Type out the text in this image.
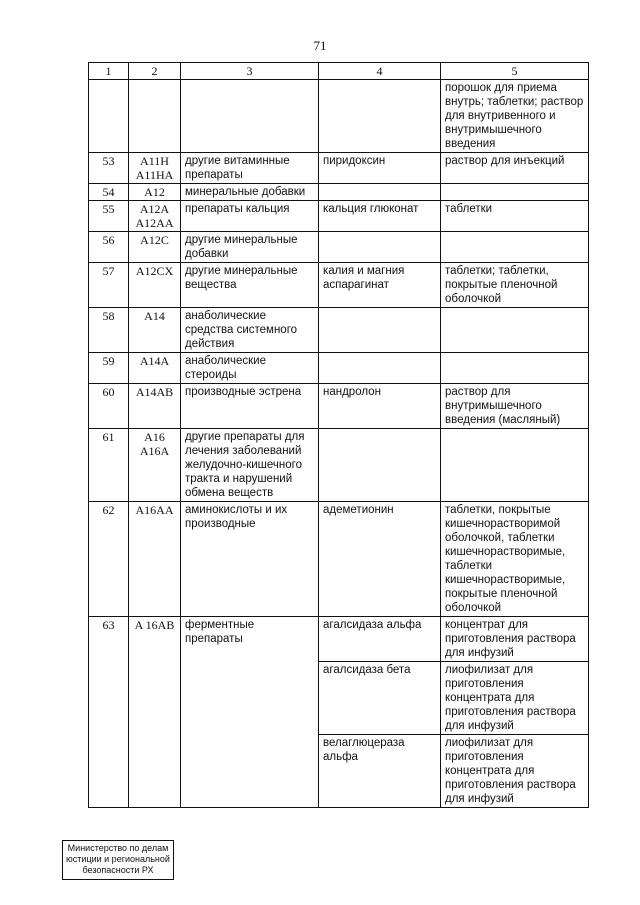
71
1	2	3	4	5
				порошок для приема внутрь; таблетки; раствор для внутривенного и внутримышечного введения
53	A11H A11HA	другие витаминные препараты	пиридоксин	раствор для инъекций
54	A12	минеральные добавки		
55	A12A A12AA	препараты кальция	кальция глюконат	таблетки
56	A12C	другие минеральные добавки		
57	A12CX	другие минеральные вещества	калия и магния аспарагинат	таблетки; таблетки, покрытые пленочной оболочкой
58	A14	анаболические средства системного действия		
59	A14A	анаболические стероиды		
60	A14AB	производные эстрена	нандролон	раствор для внутримышечного введения (масляный)
61	A16 A16A	другие препараты для лечения заболеваний желудочно-кишечного тракта и нарушений обмена веществ		
62	A16AA	аминокислоты и их производные	адеметионин	таблетки, покрытые кишечнорастворимой оболочкой, таблетки кишечнорастворимые, таблетки кишечнорастворимые, покрытые пленочной оболочкой
63	A 16AB	ферментные препараты	агалсидаза альфа	концентрат для приготовления раствора для инфузий
			агалсидаза бета	лиофилизат для приготовления концентрата для приготовления раствора для инфузий
			велаглюцераза альфа	лиофилизат для приготовления концентрата для приготовления раствора для инфузий
Министерство по делам
юстиции и региональной
безопасности РХ
